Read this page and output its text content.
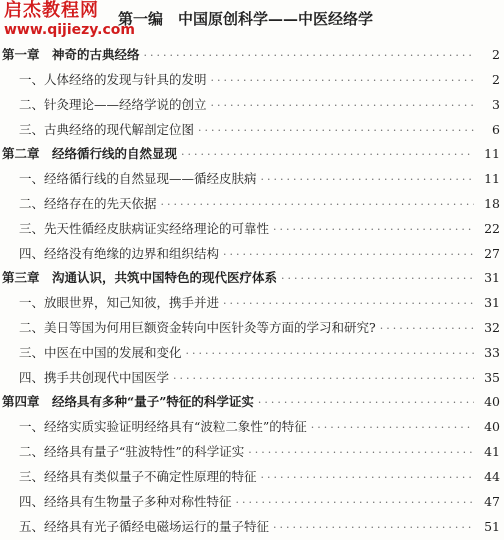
启杰教程网
www.qijiezy.com
第一编　中国原创科学——中医经络学
第一章　神奇的古典经络 ·····	2
一、人体经络的发现与针具的发明 ·····	2
二、针灸理论——经络学说的创立 ·····	3
三、古典经络的现代解剖定位图 ·····	6
第二章　经络循行线的自然显现 ·····	11
一、经络循行线的自然显现——循经皮肤病 ·····	11
二、经络存在的先天依据 ·····	18
三、先天性循经皮肤病证实经络理论的可靠性 ·····	22
四、经络没有绝缘的边界和组织结构 ·····	27
第三章　沟通认识，共筑中国特色的现代医疗体系 ·····	31
一、放眼世界，知己知彼，携手并进 ·····	31
二、美日等国为何用巨额资金转向中医针灸等方面的学习和研究? ·····	32
三、中医在中国的发展和变化 ·····	33
四、携手共创现代中国医学 ·····	35
第四章　经络具有多种“量子”特征的科学证实 ·····	40
一、经络实质实验证明经络具有“波粒二象性”的特征 ·····	40
二、经络具有量子“驻波特性”的科学证实 ·····	41
三、经络具有类似量子不确定性原理的特征 ·····	44
四、经络具有生物量子多种对称性特征 ·····	47
五、经络具有光子循经电磁场运行的量子特征 ·····	51
